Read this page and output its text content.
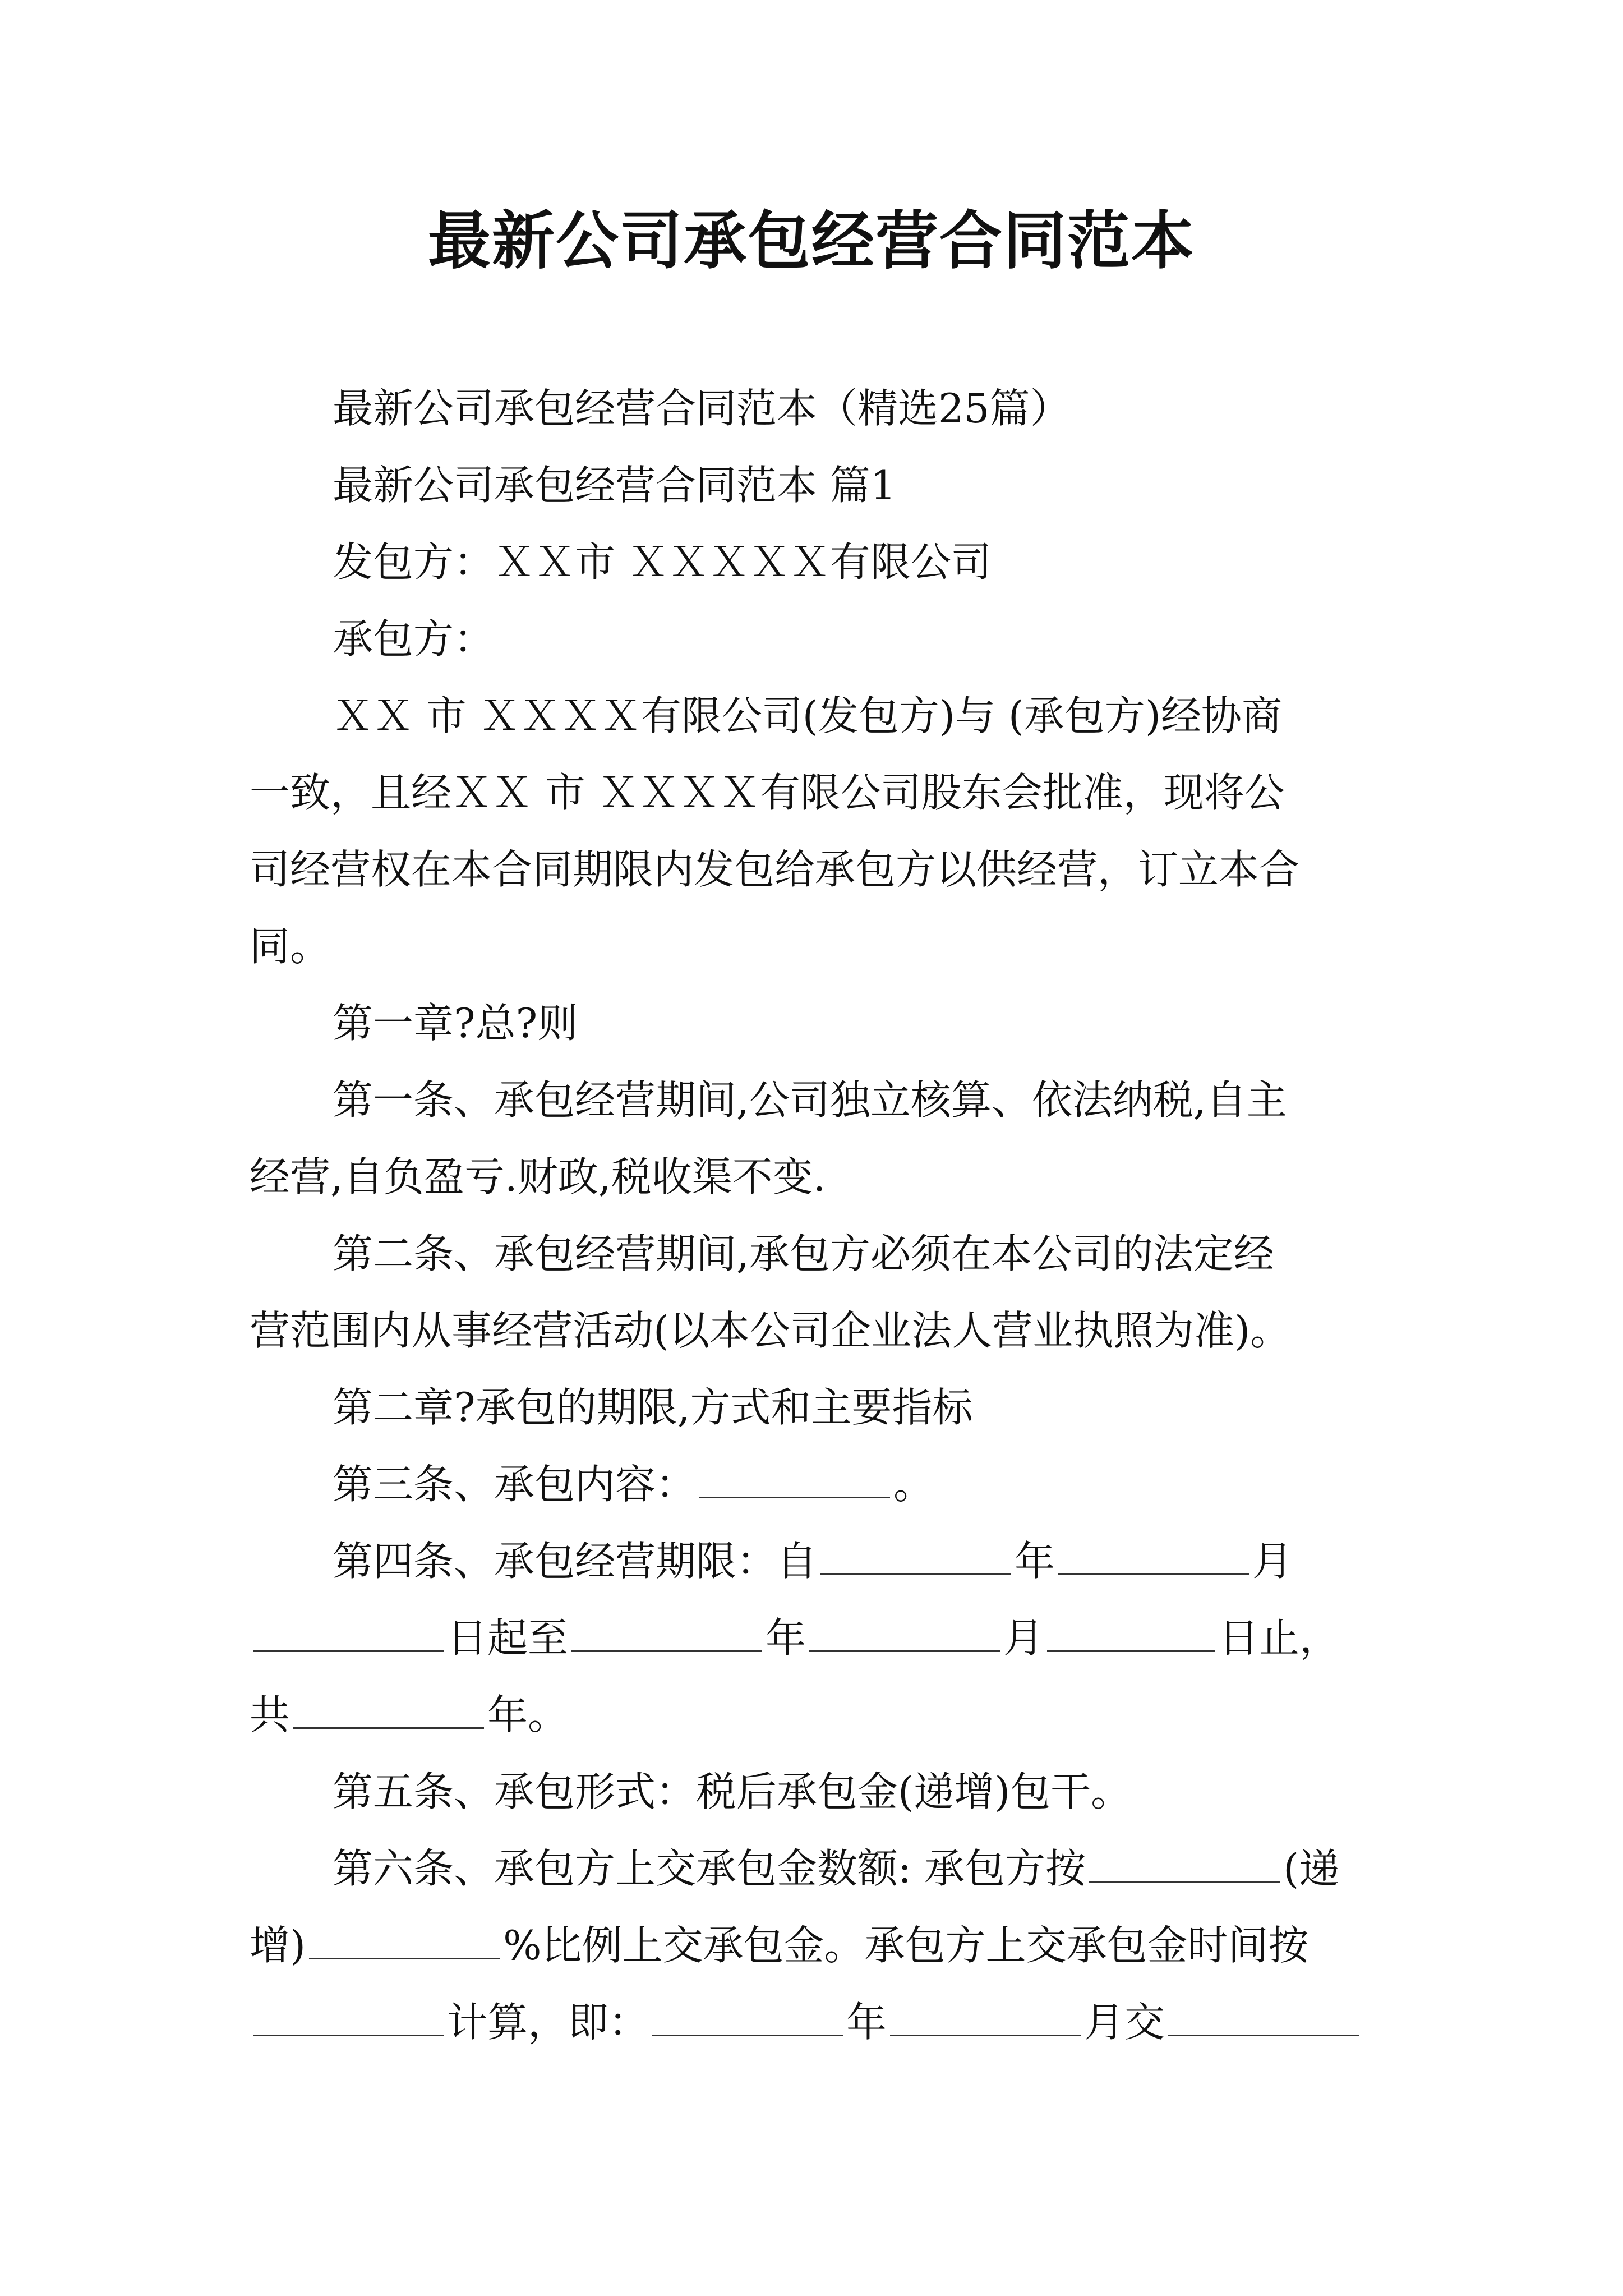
最新公司承包经营合同范本

最新公司承包经营合同范本（精选25篇）

最新公司承包经营合同范本 篇1

发包方：ＸＸ市 ＸＸＸＸＸ有限公司

承包方：

ＸＸ 市 ＸＸＸＸ有限公司(发包方)与 (承包方)经协商

一致，且经ＸＸ 市 ＸＸＸＸ有限公司股东会批准，现将公

司经营权在本合同期限内发包给承包方以供经营，订立本合

同。

第一章?总?则

第一条、承包经营期间,公司独立核算、依法纳税,自主

经营,自负盈亏.财政,税收渠不变.

第二条、承包经营期间,承包方必须在本公司的法定经

营范围内从事经营活动(以本公司企业法人营业执照为准)。

第二章?承包的期限,方式和主要指标

第三条、承包内容：	。

第四条、承包经营期限：自	年	月

日起至	年	月	日止，

共	年。

第五条、承包形式：税后承包金(递增)包干。

第六条、承包方上交承包金数额: 承包方按	(递

增)	%比例上交承包金。承包方上交承包金时间按

计算，即：	年	月交
